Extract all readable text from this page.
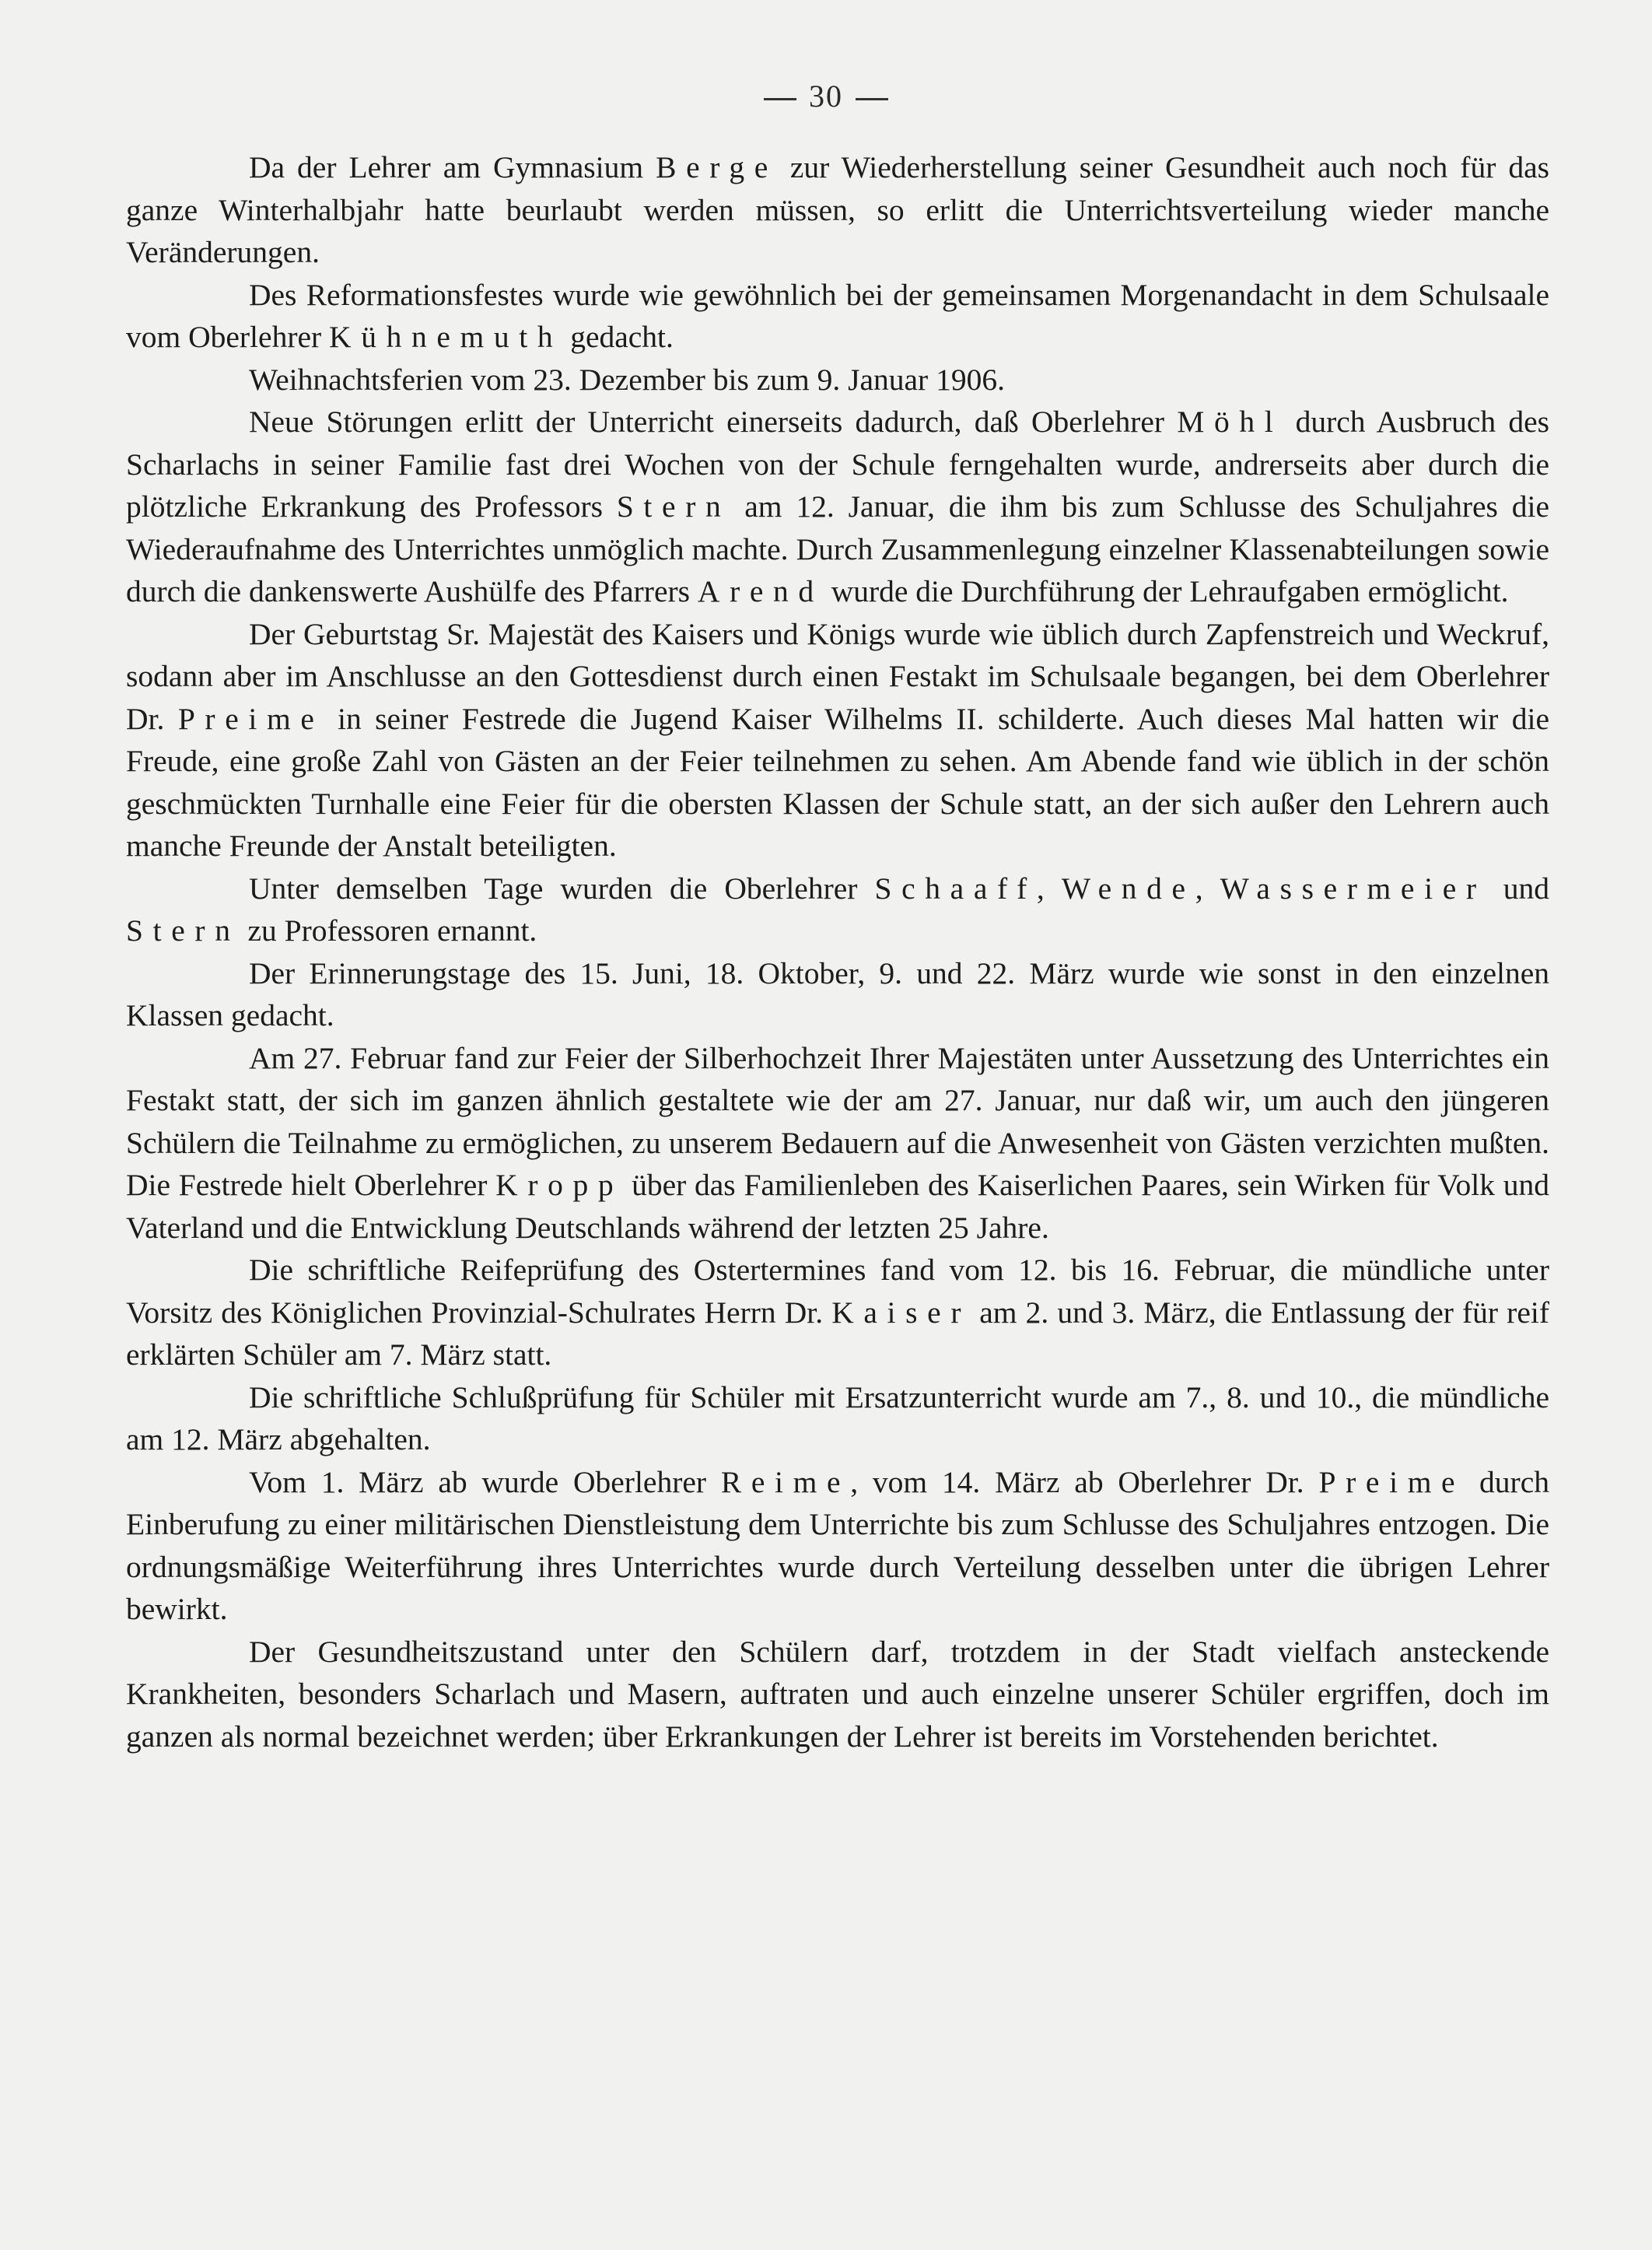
30

Da der Lehrer am Gymnasium Berge zur Wiederherstellung seiner Gesundheit auch noch für das ganze Winterhalbjahr hatte beurlaubt werden müssen, so erlitt die Unterrichtsverteilung wieder manche Veränderungen.

Des Reformationsfestes wurde wie gewöhnlich bei der gemeinsamen Morgenandacht in dem Schulsaale vom Oberlehrer Kühnemuth gedacht.

Weihnachtsferien vom 23. Dezember bis zum 9. Januar 1906.

Neue Störungen erlitt der Unterricht einerseits dadurch, daß Oberlehrer Möhl durch Ausbruch des Scharlachs in seiner Familie fast drei Wochen von der Schule ferngehalten wurde, andrerseits aber durch die plötzliche Erkrankung des Professors Stern am 12. Januar, die ihm bis zum Schlusse des Schuljahres die Wiederaufnahme des Unterrichtes unmöglich machte. Durch Zusammenlegung einzelner Klassenabteilungen sowie durch die dankenswerte Aushülfe des Pfarrers Arend wurde die Durchführung der Lehraufgaben ermöglicht.

Der Geburtstag Sr. Majestät des Kaisers und Königs wurde wie üblich durch Zapfenstreich und Weckruf, sodann aber im Anschlusse an den Gottesdienst durch einen Festakt im Schulsaale begangen, bei dem Oberlehrer Dr. Preime in seiner Festrede die Jugend Kaiser Wilhelms II. schilderte. Auch dieses Mal hatten wir die Freude, eine große Zahl von Gästen an der Feier teilnehmen zu sehen. Am Abende fand wie üblich in der schön geschmückten Turnhalle eine Feier für die obersten Klassen der Schule statt, an der sich außer den Lehrern auch manche Freunde der Anstalt beteiligten.

Unter demselben Tage wurden die Oberlehrer Schaaff, Wende, Wassermeier und Stern zu Professoren ernannt.

Der Erinnerungstage des 15. Juni, 18. Oktober, 9. und 22. März wurde wie sonst in den einzelnen Klassen gedacht.

Am 27. Februar fand zur Feier der Silberhochzeit Ihrer Majestäten unter Aussetzung des Unterrichtes ein Festakt statt, der sich im ganzen ähnlich gestaltete wie der am 27. Januar, nur daß wir, um auch den jüngeren Schülern die Teilnahme zu ermöglichen, zu unserem Bedauern auf die Anwesenheit von Gästen verzichten mußten. Die Festrede hielt Oberlehrer Kropp über das Familienleben des Kaiserlichen Paares, sein Wirken für Volk und Vaterland und die Entwicklung Deutschlands während der letzten 25 Jahre.

Die schriftliche Reifeprüfung des Ostertermines fand vom 12. bis 16. Februar, die mündliche unter Vorsitz des Königlichen Provinzial-Schulrates Herrn Dr. Kaiser am 2. und 3. März, die Entlassung der für reif erklärten Schüler am 7. März statt.

Die schriftliche Schlußprüfung für Schüler mit Ersatzunterricht wurde am 7., 8. und 10., die mündliche am 12. März abgehalten.

Vom 1. März ab wurde Oberlehrer Reime, vom 14. März ab Oberlehrer Dr. Preime durch Einberufung zu einer militärischen Dienstleistung dem Unterrichte bis zum Schlusse des Schuljahres entzogen. Die ordnungsmäßige Weiterführung ihres Unterrichtes wurde durch Verteilung desselben unter die übrigen Lehrer bewirkt.

Der Gesundheitszustand unter den Schülern darf, trotzdem in der Stadt vielfach ansteckende Krankheiten, besonders Scharlach und Masern, auftraten und auch einzelne unserer Schüler ergriffen, doch im ganzen als normal bezeichnet werden; über Erkrankungen der Lehrer ist bereits im Vorstehenden berichtet.
